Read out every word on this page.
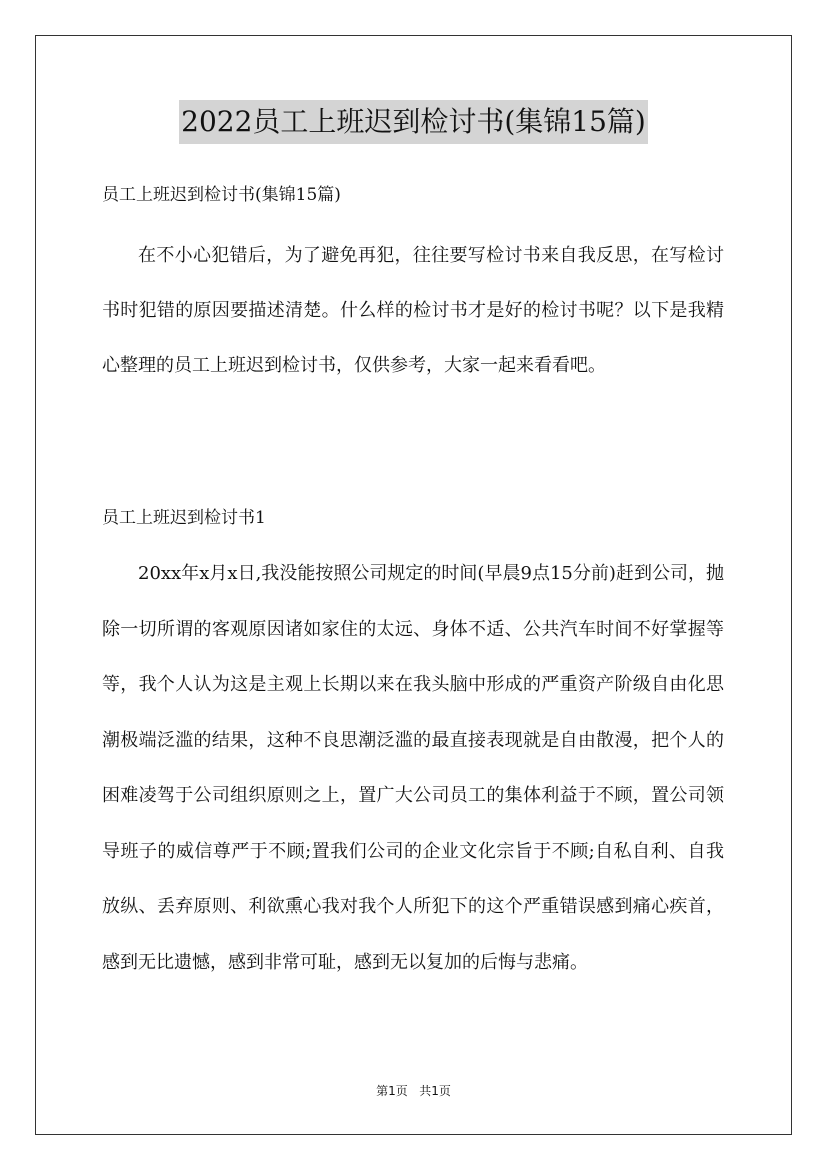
2022员工上班迟到检讨书(集锦15篇)

员工上班迟到检讨书(集锦15篇)

在不小心犯错后，为了避免再犯，往往要写检讨书来自我反思，在写检讨书时犯错的原因要描述清楚。什么样的检讨书才是好的检讨书呢？以下是我精心整理的员工上班迟到检讨书，仅供参考，大家一起来看看吧。

员工上班迟到检讨书1

20xx年x月x日,我没能按照公司规定的时间(早晨9点15分前)赶到公司，抛除一切所谓的客观原因诸如家住的太远、身体不适、公共汽车时间不好掌握等等，我个人认为这是主观上长期以来在我头脑中形成的严重资产阶级自由化思潮极端泛滥的结果，这种不良思潮泛滥的最直接表现就是自由散漫，把个人的困难凌驾于公司组织原则之上，置广大公司员工的集体利益于不顾，置公司领导班子的威信尊严于不顾;置我们公司的企业文化宗旨于不顾;自私自利、自我放纵、丢弃原则、利欲熏心我对我个人所犯下的这个严重错误感到痛心疾首，感到无比遗憾，感到非常可耻，感到无以复加的后悔与悲痛。

第1页 共1页
